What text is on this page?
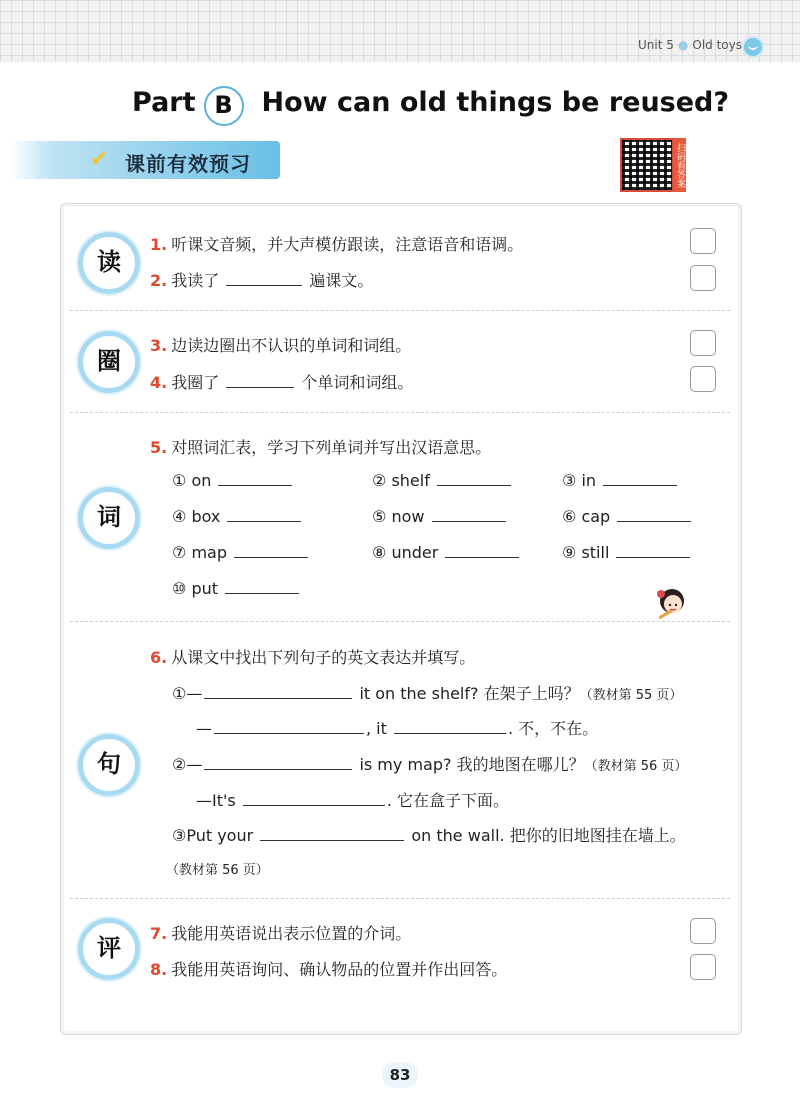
Unit 5 ● Old toys
Part B How can old things be reused?
✔ 课前有效预习	扫码看答案
读
1. 听课文音频，并大声模仿跟读，注意语音和语调。
2. 我读了	遍课文。
圈
3. 边读边圈出不认识的单词和词组。
4. 我圈了	个单词和词组。
5. 对照词汇表，学习下列单词并写出汉语意思。
词
① on	② shelf	③ in
④ box	⑤ now	⑥ cap
⑦ map	⑧ under	⑨ still
⑩ put
6. 从课文中找出下列句子的英文表达并填写。
句
①—	it on the shelf? 在架子上吗？（教材第 55 页）
—	, it	. 不，不在。
②—	is my map? 我的地图在哪儿？（教材第 56 页）
—It's	. 它在盒子下面。
③Put your	on the wall. 把你的旧地图挂在墙上。
（教材第 56 页）
评
7. 我能用英语说出表示位置的介词。
8. 我能用英语询问、确认物品的位置并作出回答。
83
